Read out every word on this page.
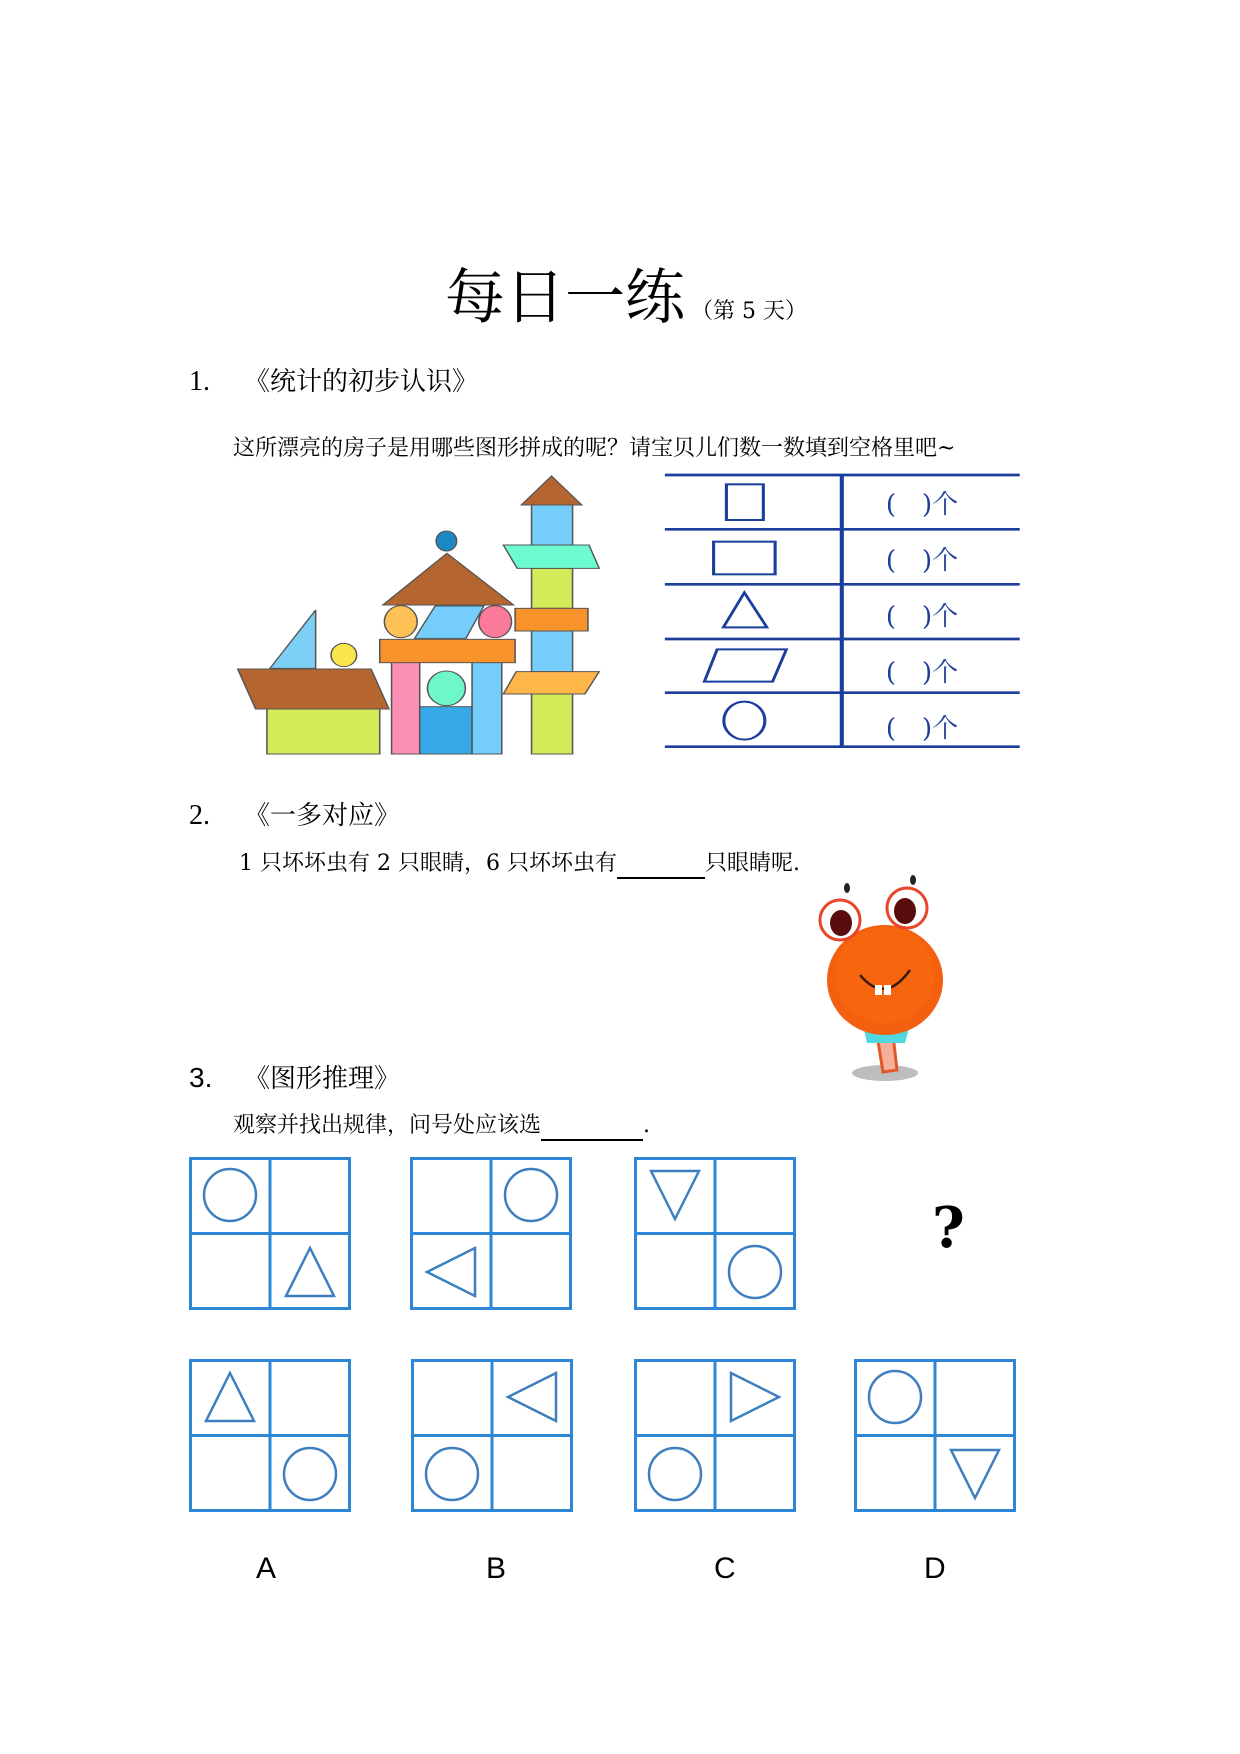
每日一练 （第 5 天）
1. 《统计的初步认识》
这所漂亮的房子是用哪些图形拼成的呢？请宝贝儿们数一数填到空格里吧~
(　)个
(　)个
(　)个
(　)个
(　)个
2. 《一多对应》
1 只坏坏虫有 2 只眼睛，6 只坏坏虫有	只眼睛呢.
3. 《图形推理》
观察并找出规律，问号处应该选	.
?
A	B	C	D
